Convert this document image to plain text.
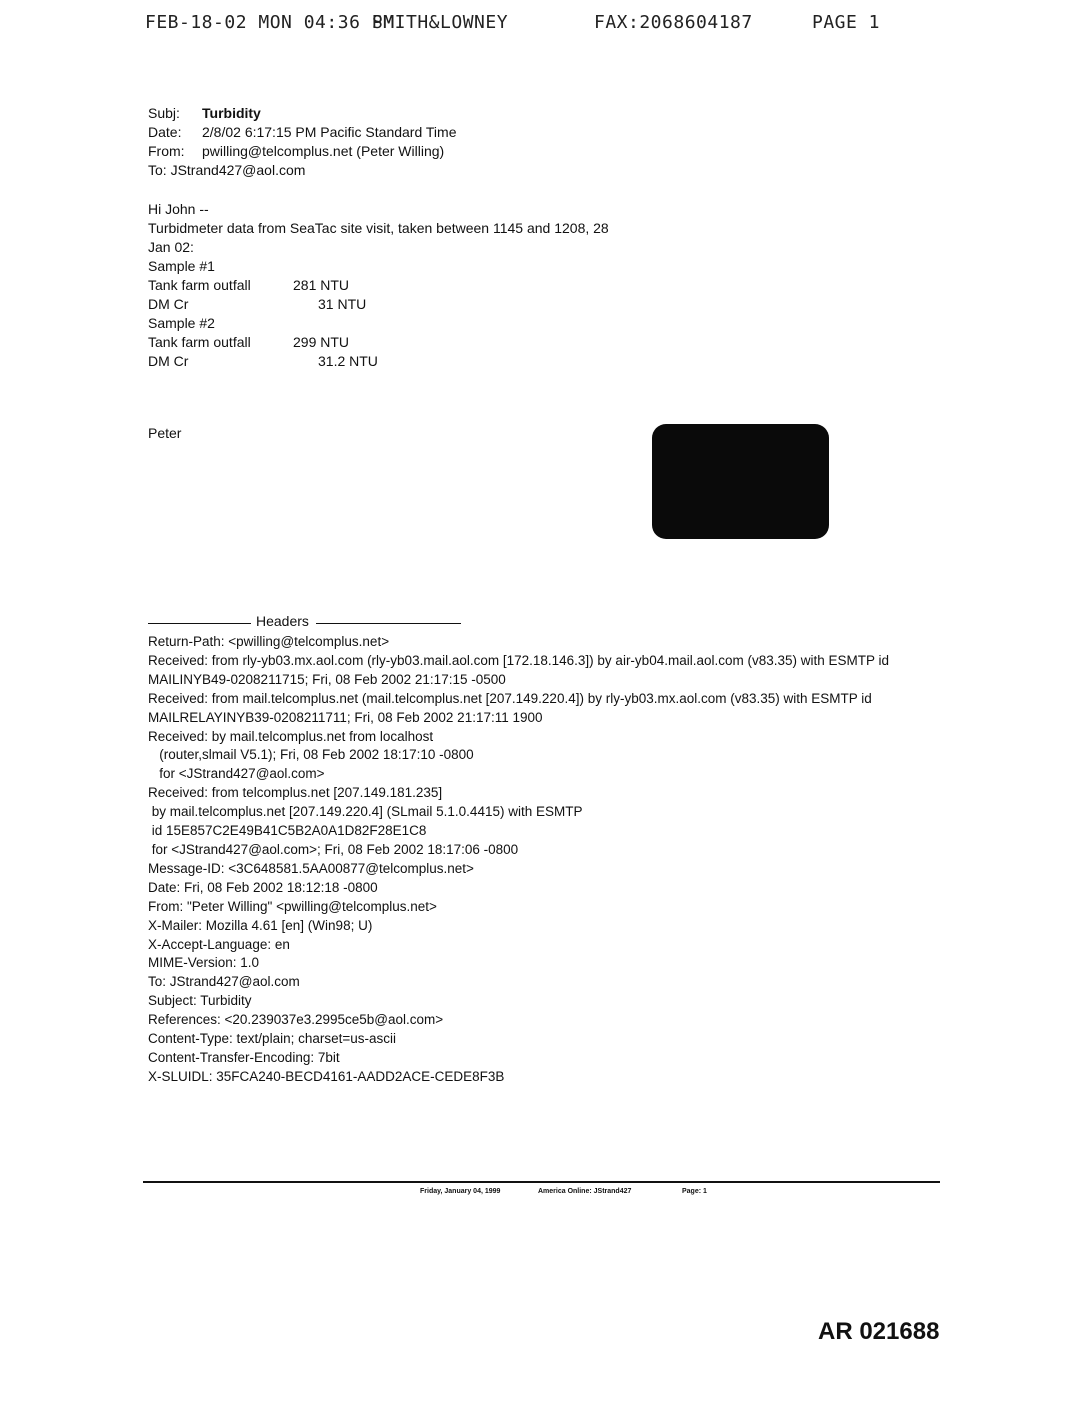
FEB-18-02 MON 04:36 PM
SMITH&LOWNEY	FAX:2068604187	PAGE 1
Subj: Turbidity
Date: 2/8/02 6:17:15 PM Pacific Standard Time
From: pwilling@telcomplus.net (Peter Willing)
To: JStrand427@aol.com
Hi John --
Turbidmeter data from SeaTac site visit, taken between 1145 and 1208, 28
Jan 02:
Sample #1
Tank farm outfall	281 NTU
DM Cr	31 NTU
Sample #2
Tank farm outfall	299 NTU
DM Cr	31.2 NTU
Peter
Headers
Return-Path: <pwilling@telcomplus.net>
Received: from rly-yb03.mx.aol.com (rly-yb03.mail.aol.com [172.18.146.3]) by air-yb04.mail.aol.com (v83.35) with ESMTP id
MAILINYB49-0208211715; Fri, 08 Feb 2002 21:17:15 -0500
Received: from mail.telcomplus.net (mail.telcomplus.net [207.149.220.4]) by rly-yb03.mx.aol.com (v83.35) with ESMTP id
MAILRELAYINYB39-0208211711; Fri, 08 Feb 2002 21:17:11 1900
Received: by mail.telcomplus.net from localhost
(router,slmail V5.1); Fri, 08 Feb 2002 18:17:10 -0800
for <JStrand427@aol.com>
Received: from telcomplus.net [207.149.181.235]
by mail.telcomplus.net [207.149.220.4] (SLmail 5.1.0.4415) with ESMTP
id 15E857C2E49B41C5B2A0A1D82F28E1C8
for <JStrand427@aol.com>; Fri, 08 Feb 2002 18:17:06 -0800
Message-ID: <3C648581.5AA00877@telcomplus.net>
Date: Fri, 08 Feb 2002 18:12:18 -0800
From: "Peter Willing" <pwilling@telcomplus.net>
X-Mailer: Mozilla 4.61 [en] (Win98; U)
X-Accept-Language: en
MIME-Version: 1.0
To: JStrand427@aol.com
Subject: Turbidity
References: <20.239037e3.2995ce5b@aol.com>
Content-Type: text/plain; charset=us-ascii
Content-Transfer-Encoding: 7bit
X-SLUIDL: 35FCA240-BECD4161-AADD2ACE-CEDE8F3B
Friday, January 04, 1999	America Online: JStrand427	Page: 1
AR 021688
